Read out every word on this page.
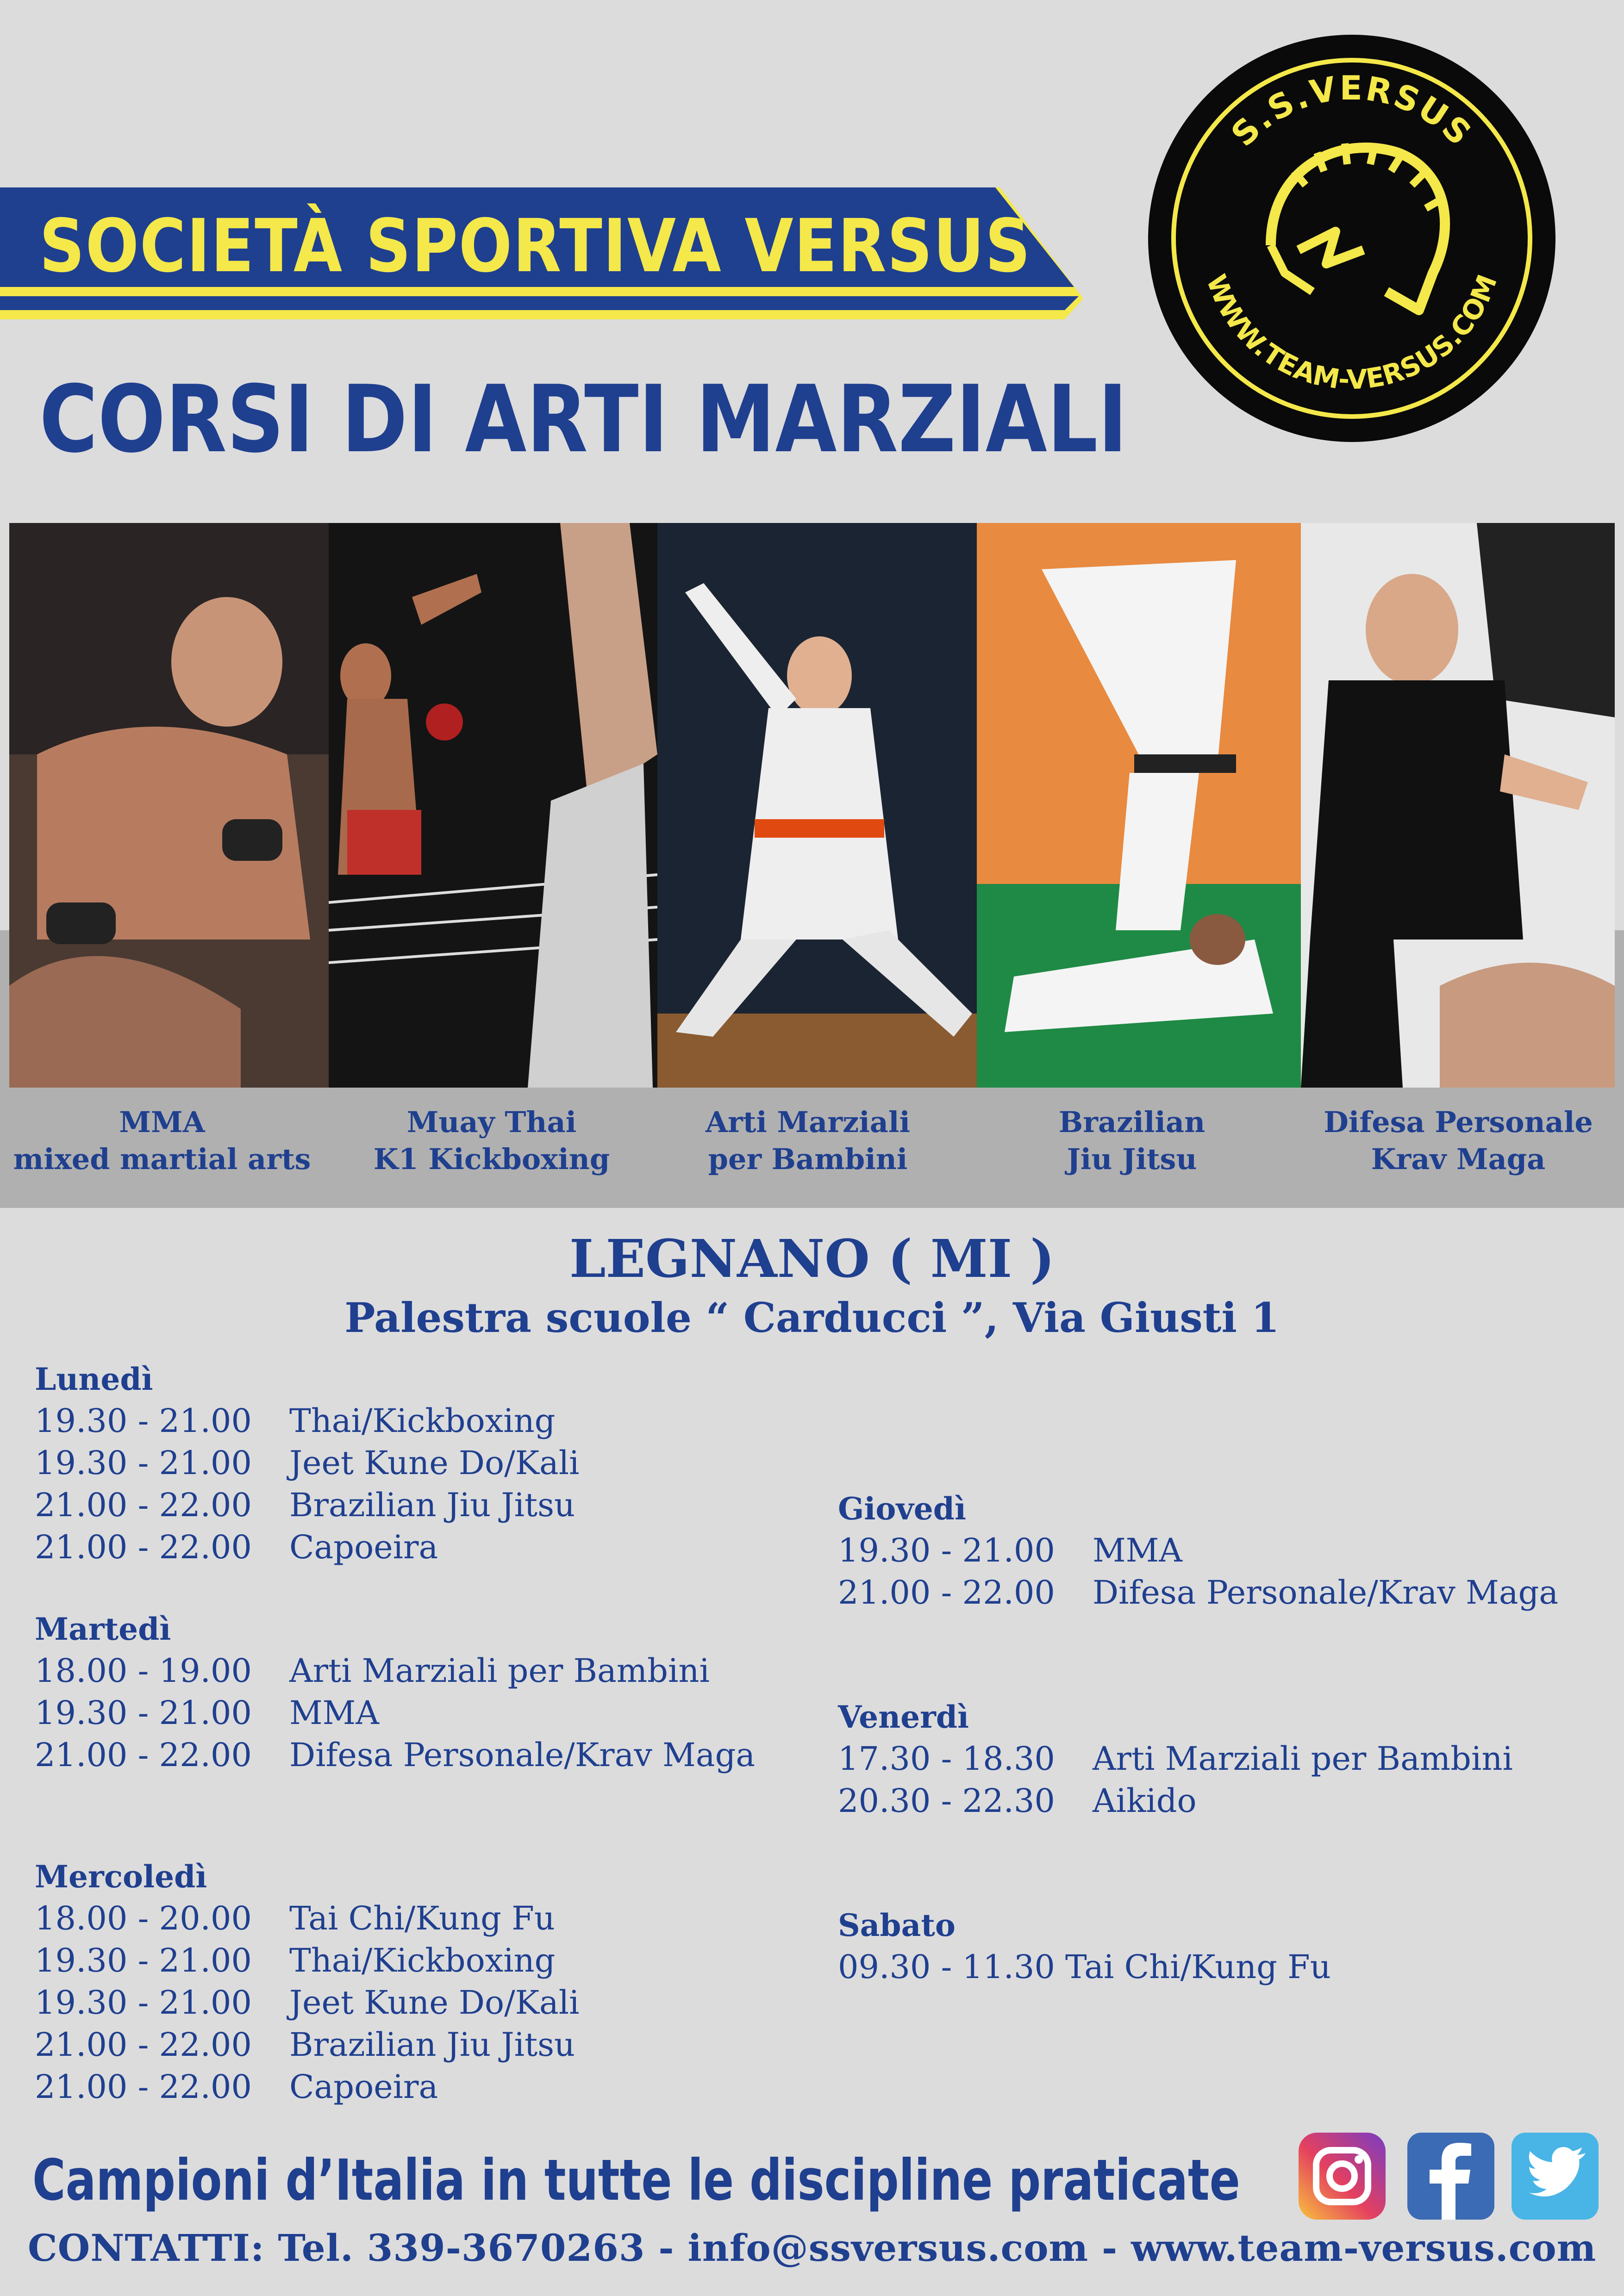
SOCIETÀ SPORTIVA VERSUS
CORSI DI ARTI MARZIALI
S.S.VERSUS
WWW.TEAM-VERSUS.COM
MMA
mixed martial arts
Muay Thai
K1 Kickboxing
Arti Marziali
per Bambini
Brazilian
Jiu Jitsu
Difesa Personale
Krav Maga
LEGNANO ( MI )
Palestra scuole “ Carducci ”, Via Giusti 1
Lunedì
19.30 - 21.00 Thai/Kickboxing
19.30 - 21.00 Jeet Kune Do/Kali
21.00 - 22.00 Brazilian Jiu Jitsu
21.00 - 22.00 Capoeira
Martedì
18.00 - 19.00 Arti Marziali per Bambini
19.30 - 21.00 MMA
21.00 - 22.00 Difesa Personale/Krav Maga
Mercoledì
18.00 - 20.00 Tai Chi/Kung Fu
19.30 - 21.00 Thai/Kickboxing
19.30 - 21.00 Jeet Kune Do/Kali
21.00 - 22.00 Brazilian Jiu Jitsu
21.00 - 22.00 Capoeira
Giovedì
19.30 - 21.00 MMA
21.00 - 22.00 Difesa Personale/Krav Maga
Venerdì
17.30 - 18.30 Arti Marziali per Bambini
20.30 - 22.30 Aikido
Sabato
09.30 - 11.30 Tai Chi/Kung Fu
Campioni d’Italia in tutte le discipline praticate
CONTATTI: Tel. 339-3670263 - info@ssversus.com - www.team-versus.com
